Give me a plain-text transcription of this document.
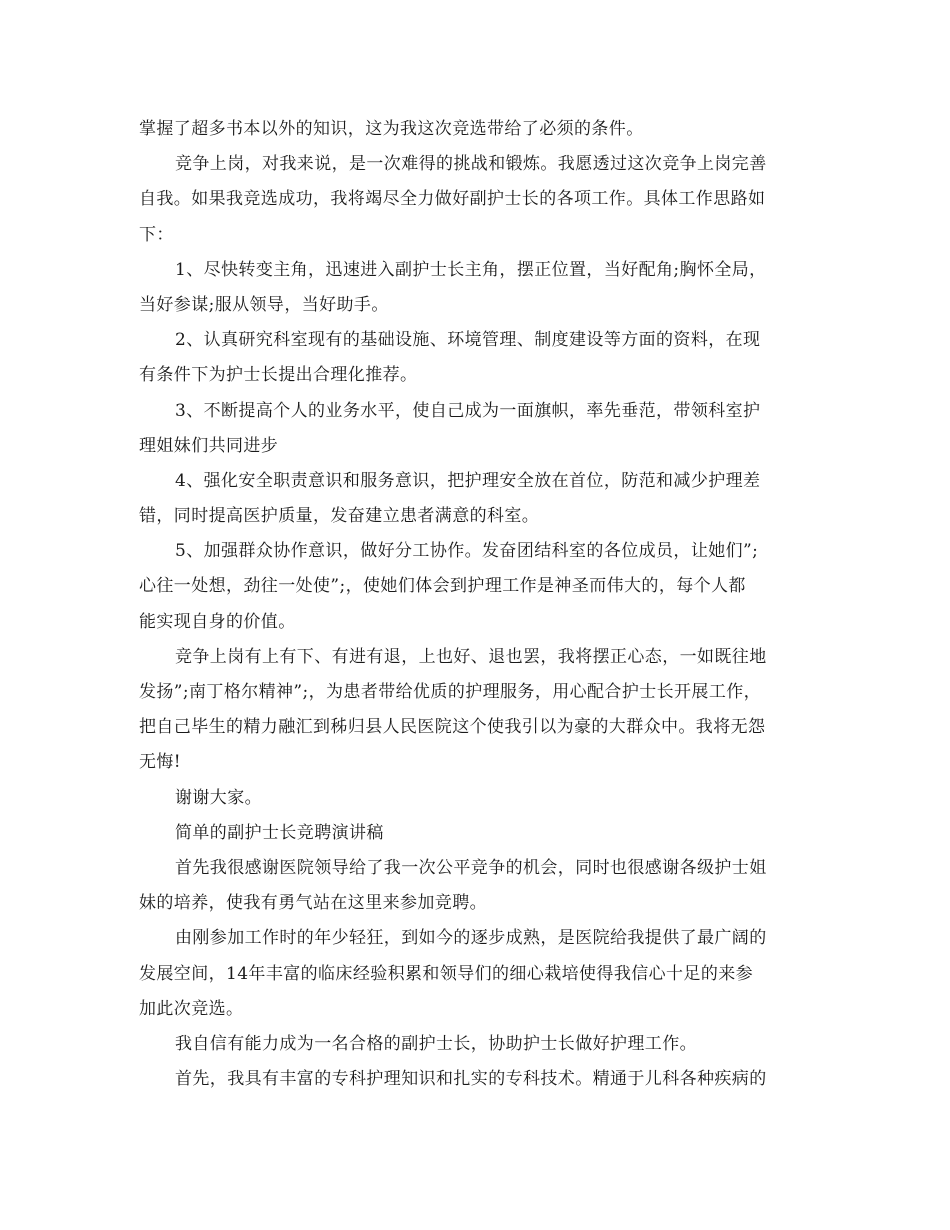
掌握了超多书本以外的知识，这为我这次竞选带给了必须的条件。
竞争上岗，对我来说，是一次难得的挑战和锻炼。我愿透过这次竞争上岗完善
自我。如果我竞选成功，我将竭尽全力做好副护士长的各项工作。具体工作思路如
下：
1、尽快转变主角，迅速进入副护士长主角，摆正位置，当好配角;胸怀全局，
当好参谋;服从领导，当好助手。
2、认真研究科室现有的基础设施、环境管理、制度建设等方面的资料，在现
有条件下为护士长提出合理化推荐。
3、不断提高个人的业务水平，使自己成为一面旗帜，率先垂范，带领科室护
理姐妹们共同进步
4、强化安全职责意识和服务意识，把护理安全放在首位，防范和减少护理差
错，同时提高医护质量，发奋建立患者满意的科室。
5、加强群众协作意识，做好分工协作。发奋团结科室的各位成员，让她们”;
心往一处想，劲往一处使”;，使她们体会到护理工作是神圣而伟大的，每个人都
能实现自身的价值。
竞争上岗有上有下、有进有退，上也好、退也罢，我将摆正心态，一如既往地
发扬”;南丁格尔精神”;，为患者带给优质的护理服务，用心配合护士长开展工作，
把自己毕生的精力融汇到秭归县人民医院这个使我引以为豪的大群众中。我将无怨
无悔!
谢谢大家。
简单的副护士长竞聘演讲稿
首先我很感谢医院领导给了我一次公平竞争的机会，同时也很感谢各级护士姐
妹的培养，使我有勇气站在这里来参加竞聘。
由刚参加工作时的年少轻狂，到如今的逐步成熟，是医院给我提供了最广阔的
发展空间，14年丰富的临床经验积累和领导们的细心栽培使得我信心十足的来参
加此次竞选。
我自信有能力成为一名合格的副护士长，协助护士长做好护理工作。
首先，我具有丰富的专科护理知识和扎实的专科技术。精通于儿科各种疾病的
